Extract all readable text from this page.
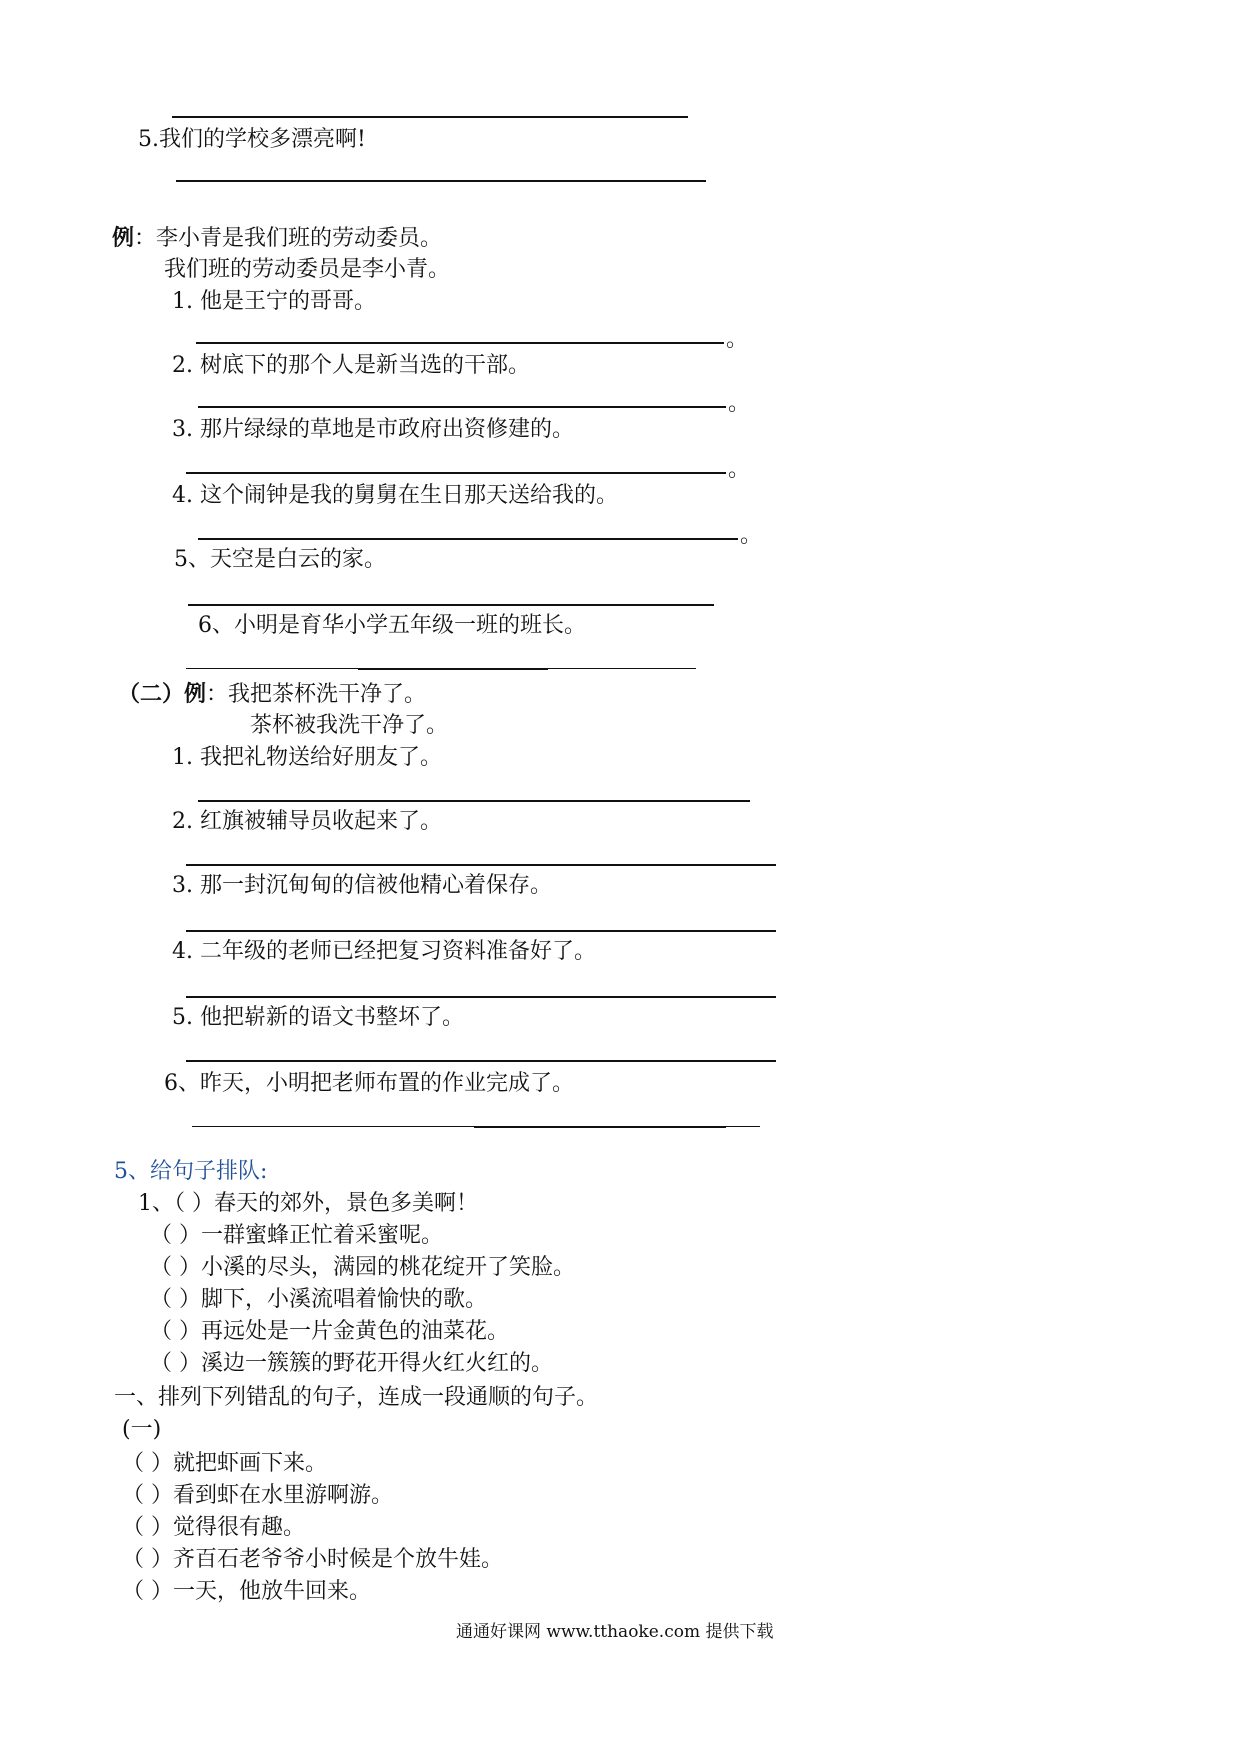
5.我们的学校多漂亮啊!
例：李小青是我们班的劳动委员。
我们班的劳动委员是李小青。
1. 他是王宁的哥哥。
。
2. 树底下的那个人是新当选的干部。
。
3. 那片绿绿的草地是市政府出资修建的。
。
4. 这个闹钟是我的舅舅在生日那天送给我的。
。
5、天空是白云的家。
6、小明是育华小学五年级一班的班长。
（二）例：我把茶杯洗干净了。
茶杯被我洗干净了。
1. 我把礼物送给好朋友了。
2. 红旗被辅导员收起来了。
3. 那一封沉甸甸的信被他精心着保存。
4. 二年级的老师已经把复习资料准备好了。
5. 他把崭新的语文书整坏了。
6、昨天，小明把老师布置的作业完成了。
5、给句子排队:
1、（ ）春天的郊外，景色多美啊！
（ ）一群蜜蜂正忙着采蜜呢。
（ ）小溪的尽头，满园的桃花绽开了笑脸。
（ ）脚下，小溪流唱着愉快的歌。
（ ）再远处是一片金黄色的油菜花。
（ ）溪边一簇簇的野花开得火红火红的。
一、排列下列错乱的句子，连成一段通顺的句子。
(一)
（ ）就把虾画下来。
（ ）看到虾在水里游啊游。
（ ）觉得很有趣。
（ ）齐百石老爷爷小时候是个放牛娃。
（ ）一天，他放牛回来。
通通好课网 www.tthaoke.com 提供下载
